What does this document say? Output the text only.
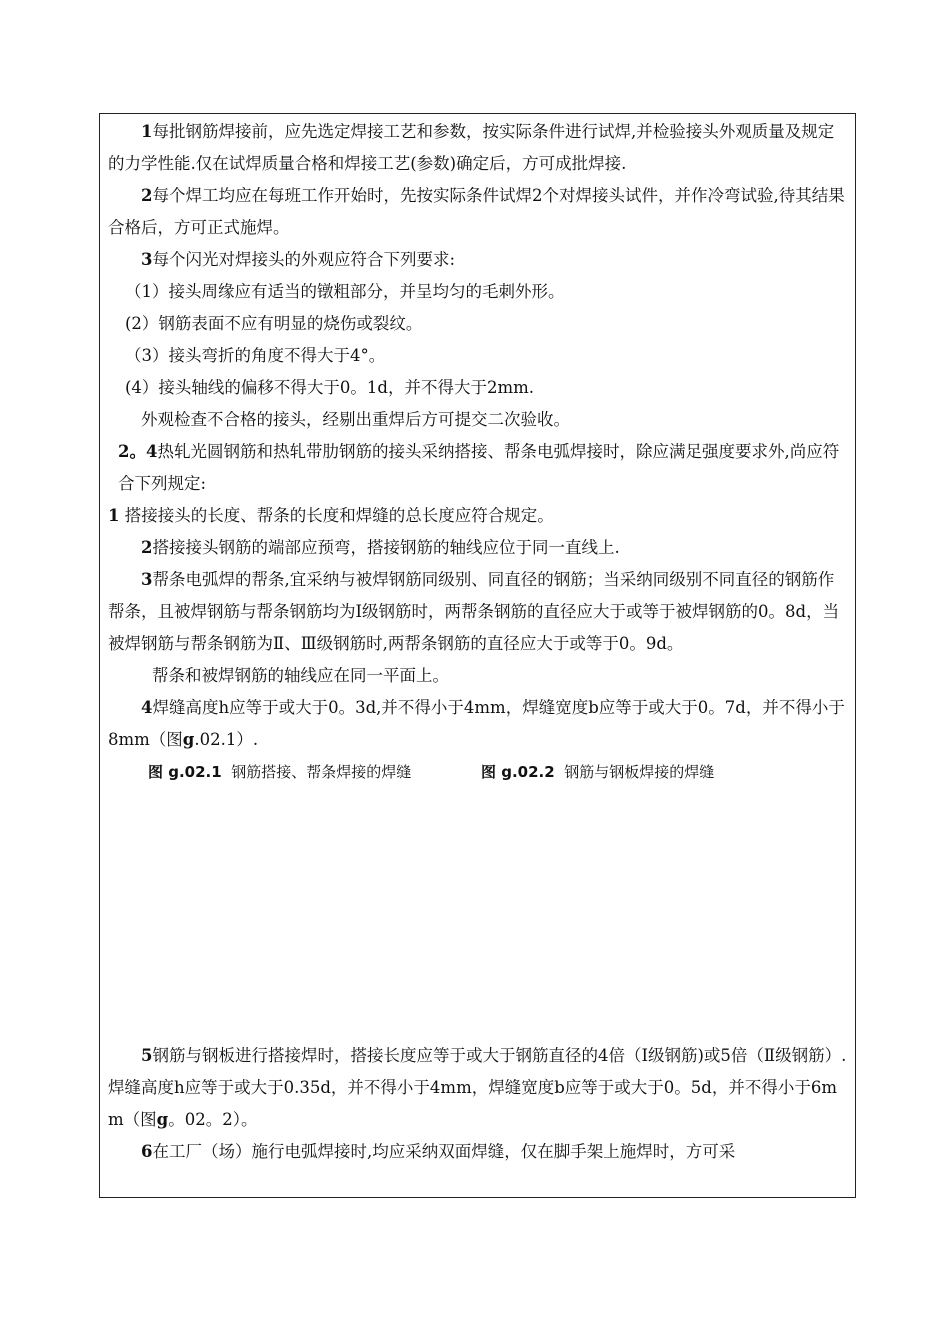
1每批钢筋焊接前，应先选定焊接工艺和参数，按实际条件进行试焊,并检验接头外观质量及规定的力学性能.仅在试焊质量合格和焊接工艺(参数)确定后，方可成批焊接.

2每个焊工均应在每班工作开始时，先按实际条件试焊2个对焊接头试件，并作冷弯试验,待其结果合格后，方可正式施焊。

3每个闪光对焊接头的外观应符合下列要求:

（1）接头周缘应有适当的镦粗部分，并呈均匀的毛刺外形。

(2）钢筋表面不应有明显的烧伤或裂纹。

（3）接头弯折的角度不得大于4°。

(4）接头轴线的偏移不得大于0。1d，并不得大于2mm.

外观检查不合格的接头，经剔出重焊后方可提交二次验收。

2。4热轧光圆钢筋和热轧带肋钢筋的接头采纳搭接、帮条电弧焊接时，除应满足强度要求外,尚应符合下列规定:

1 搭接接头的长度、帮条的长度和焊缝的总长度应符合规定。

2搭接接头钢筋的端部应预弯，搭接钢筋的轴线应位于同一直线上.

3帮条电弧焊的帮条,宜采纳与被焊钢筋同级别、同直径的钢筋；当采纳同级别不同直径的钢筋作帮条，且被焊钢筋与帮条钢筋均为Ⅰ级钢筋时，两帮条钢筋的直径应大于或等于被焊钢筋的0。8d，当被焊钢筋与帮条钢筋为Ⅱ、Ⅲ级钢筋时,两帮条钢筋的直径应大于或等于0。9d。

帮条和被焊钢筋的轴线应在同一平面上。

4焊缝高度h应等于或大于0。3d,并不得小于4mm，焊缝宽度b应等于或大于0。7d，并不得小于8mm（图g.02.1）.

图 g.02.1 钢筋搭接、帮条焊接的焊缝	图 g.02.2 钢筋与钢板焊接的焊缝

5钢筋与钢板进行搭接焊时，搭接长度应等于或大于钢筋直径的4倍（Ⅰ级钢筋)或5倍（Ⅱ级钢筋）.焊缝高度h应等于或大于0.35d，并不得小于4mm，焊缝宽度b应等于或大于0。5d，并不得小于6mm（图g。02。2）。

6在工厂（场）施行电弧焊接时,均应采纳双面焊缝，仅在脚手架上施焊时，方可采
